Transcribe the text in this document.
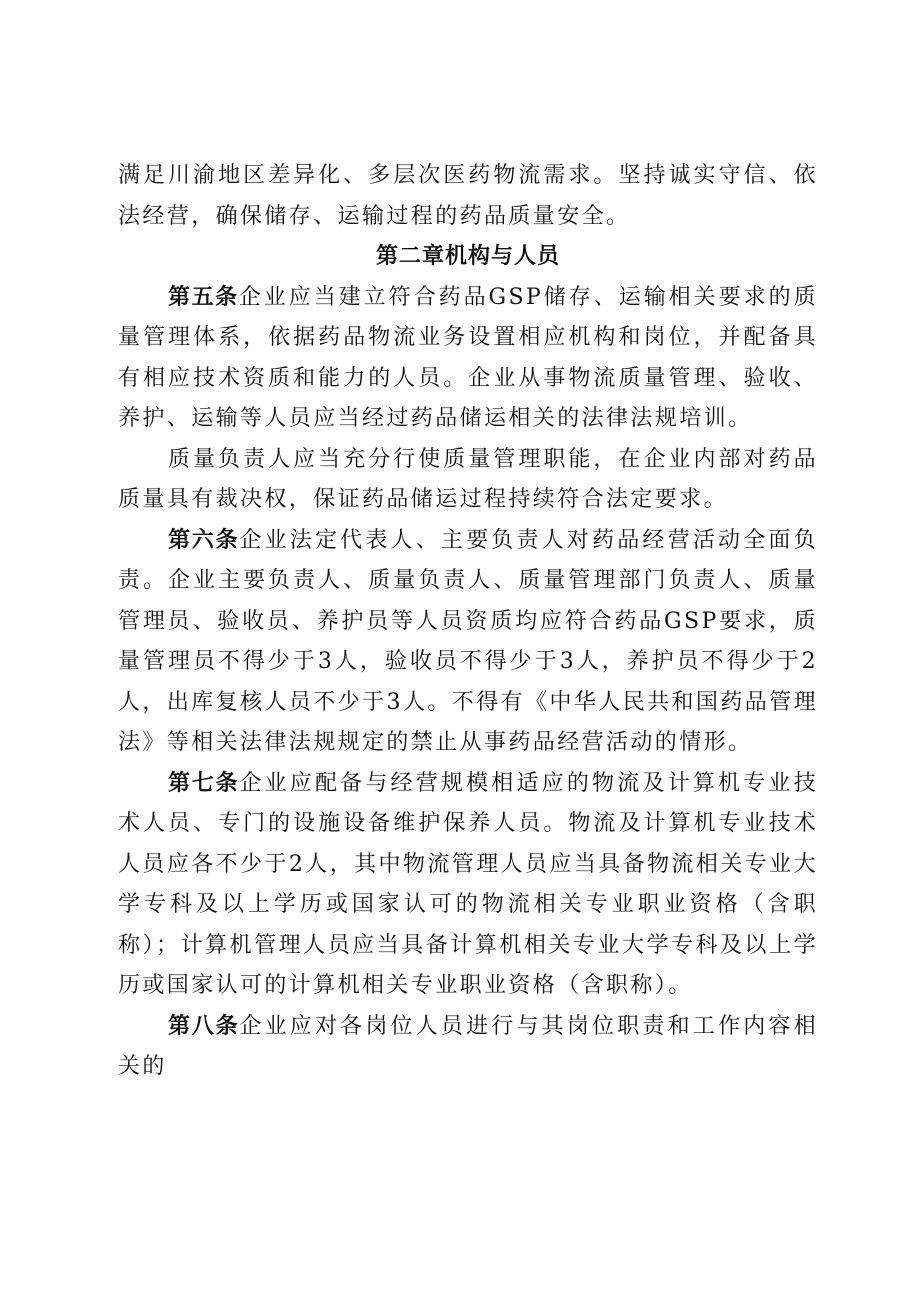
满足川渝地区差异化、多层次医药物流需求。坚持诚实守信、依法经营，确保储存、运输过程的药品质量安全。

第二章机构与人员

第五条企业应当建立符合药品GSP储存、运输相关要求的质量管理体系，依据药品物流业务设置相应机构和岗位，并配备具有相应技术资质和能力的人员。企业从事物流质量管理、验收、养护、运输等人员应当经过药品储运相关的法律法规培训。

质量负责人应当充分行使质量管理职能，在企业内部对药品质量具有裁决权，保证药品储运过程持续符合法定要求。

第六条企业法定代表人、主要负责人对药品经营活动全面负责。企业主要负责人、质量负责人、质量管理部门负责人、质量管理员、验收员、养护员等人员资质均应符合药品GSP要求，质量管理员不得少于3人，验收员不得少于3人，养护员不得少于2人，出库复核人员不少于3人。不得有《中华人民共和国药品管理法》等相关法律法规规定的禁止从事药品经营活动的情形。

第七条企业应配备与经营规模相适应的物流及计算机专业技术人员、专门的设施设备维护保养人员。物流及计算机专业技术人员应各不少于2人，其中物流管理人员应当具备物流相关专业大学专科及以上学历或国家认可的物流相关专业职业资格（含职称）；计算机管理人员应当具备计算机相关专业大学专科及以上学历或国家认可的计算机相关专业职业资格（含职称）。

第八条企业应对各岗位人员进行与其岗位职责和工作内容相关的
